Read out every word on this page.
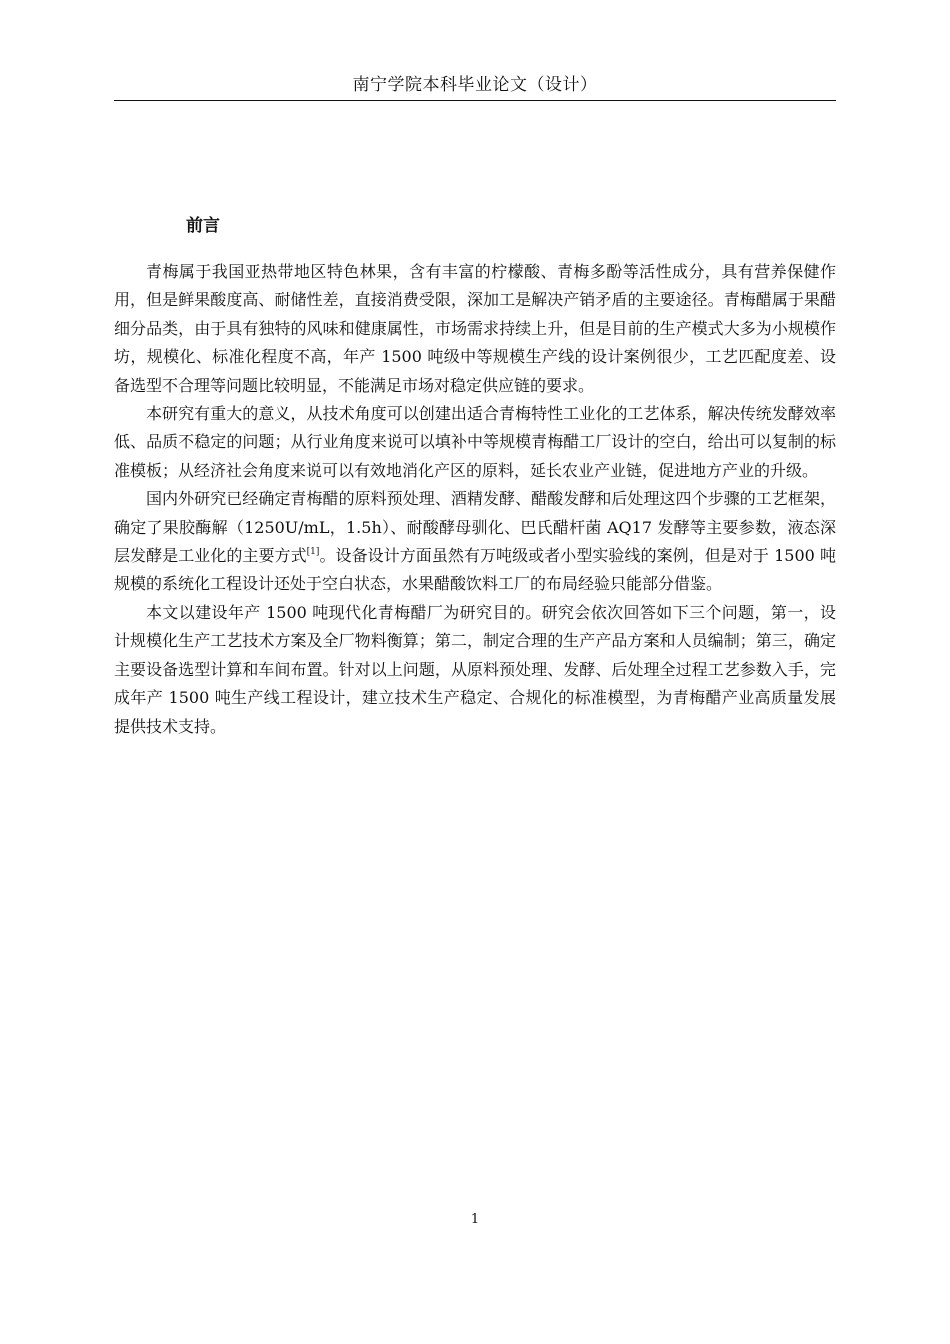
南宁学院本科毕业论文（设计）
前言

青梅属于我国亚热带地区特色林果，含有丰富的柠檬酸、青梅多酚等活性成分，具有营养保健作用，但是鲜果酸度高、耐储性差，直接消费受限，深加工是解决产销矛盾的主要途径。青梅醋属于果醋细分品类，由于具有独特的风味和健康属性，市场需求持续上升，但是目前的生产模式大多为小规模作坊，规模化、标准化程度不高，年产 1500 吨级中等规模生产线的设计案例很少，工艺匹配度差、设备选型不合理等问题比较明显，不能满足市场对稳定供应链的要求。

本研究有重大的意义，从技术角度可以创建出适合青梅特性工业化的工艺体系，解决传统发酵效率低、品质不稳定的问题；从行业角度来说可以填补中等规模青梅醋工厂设计的空白，给出可以复制的标准模板；从经济社会角度来说可以有效地消化产区的原料，延长农业产业链，促进地方产业的升级。

国内外研究已经确定青梅醋的原料预处理、酒精发酵、醋酸发酵和后处理这四个步骤的工艺框架，确定了果胶酶解（1250U/mL，1.5h）、耐酸酵母驯化、巴氏醋杆菌 AQ17 发酵等主要参数，液态深层发酵是工业化的主要方式[1]。设备设计方面虽然有万吨级或者小型实验线的案例，但是对于 1500 吨规模的系统化工程设计还处于空白状态，水果醋酸饮料工厂的布局经验只能部分借鉴。

本文以建设年产 1500 吨现代化青梅醋厂为研究目的。研究会依次回答如下三个问题，第一，设计规模化生产工艺技术方案及全厂物料衡算；第二，制定合理的生产产品方案和人员编制；第三，确定主要设备选型计算和车间布置。针对以上问题，从原料预处理、发酵、后处理全过程工艺参数入手，完成年产 1500 吨生产线工程设计，建立技术生产稳定、合规化的标准模型，为青梅醋产业高质量发展提供技术支持。

1
